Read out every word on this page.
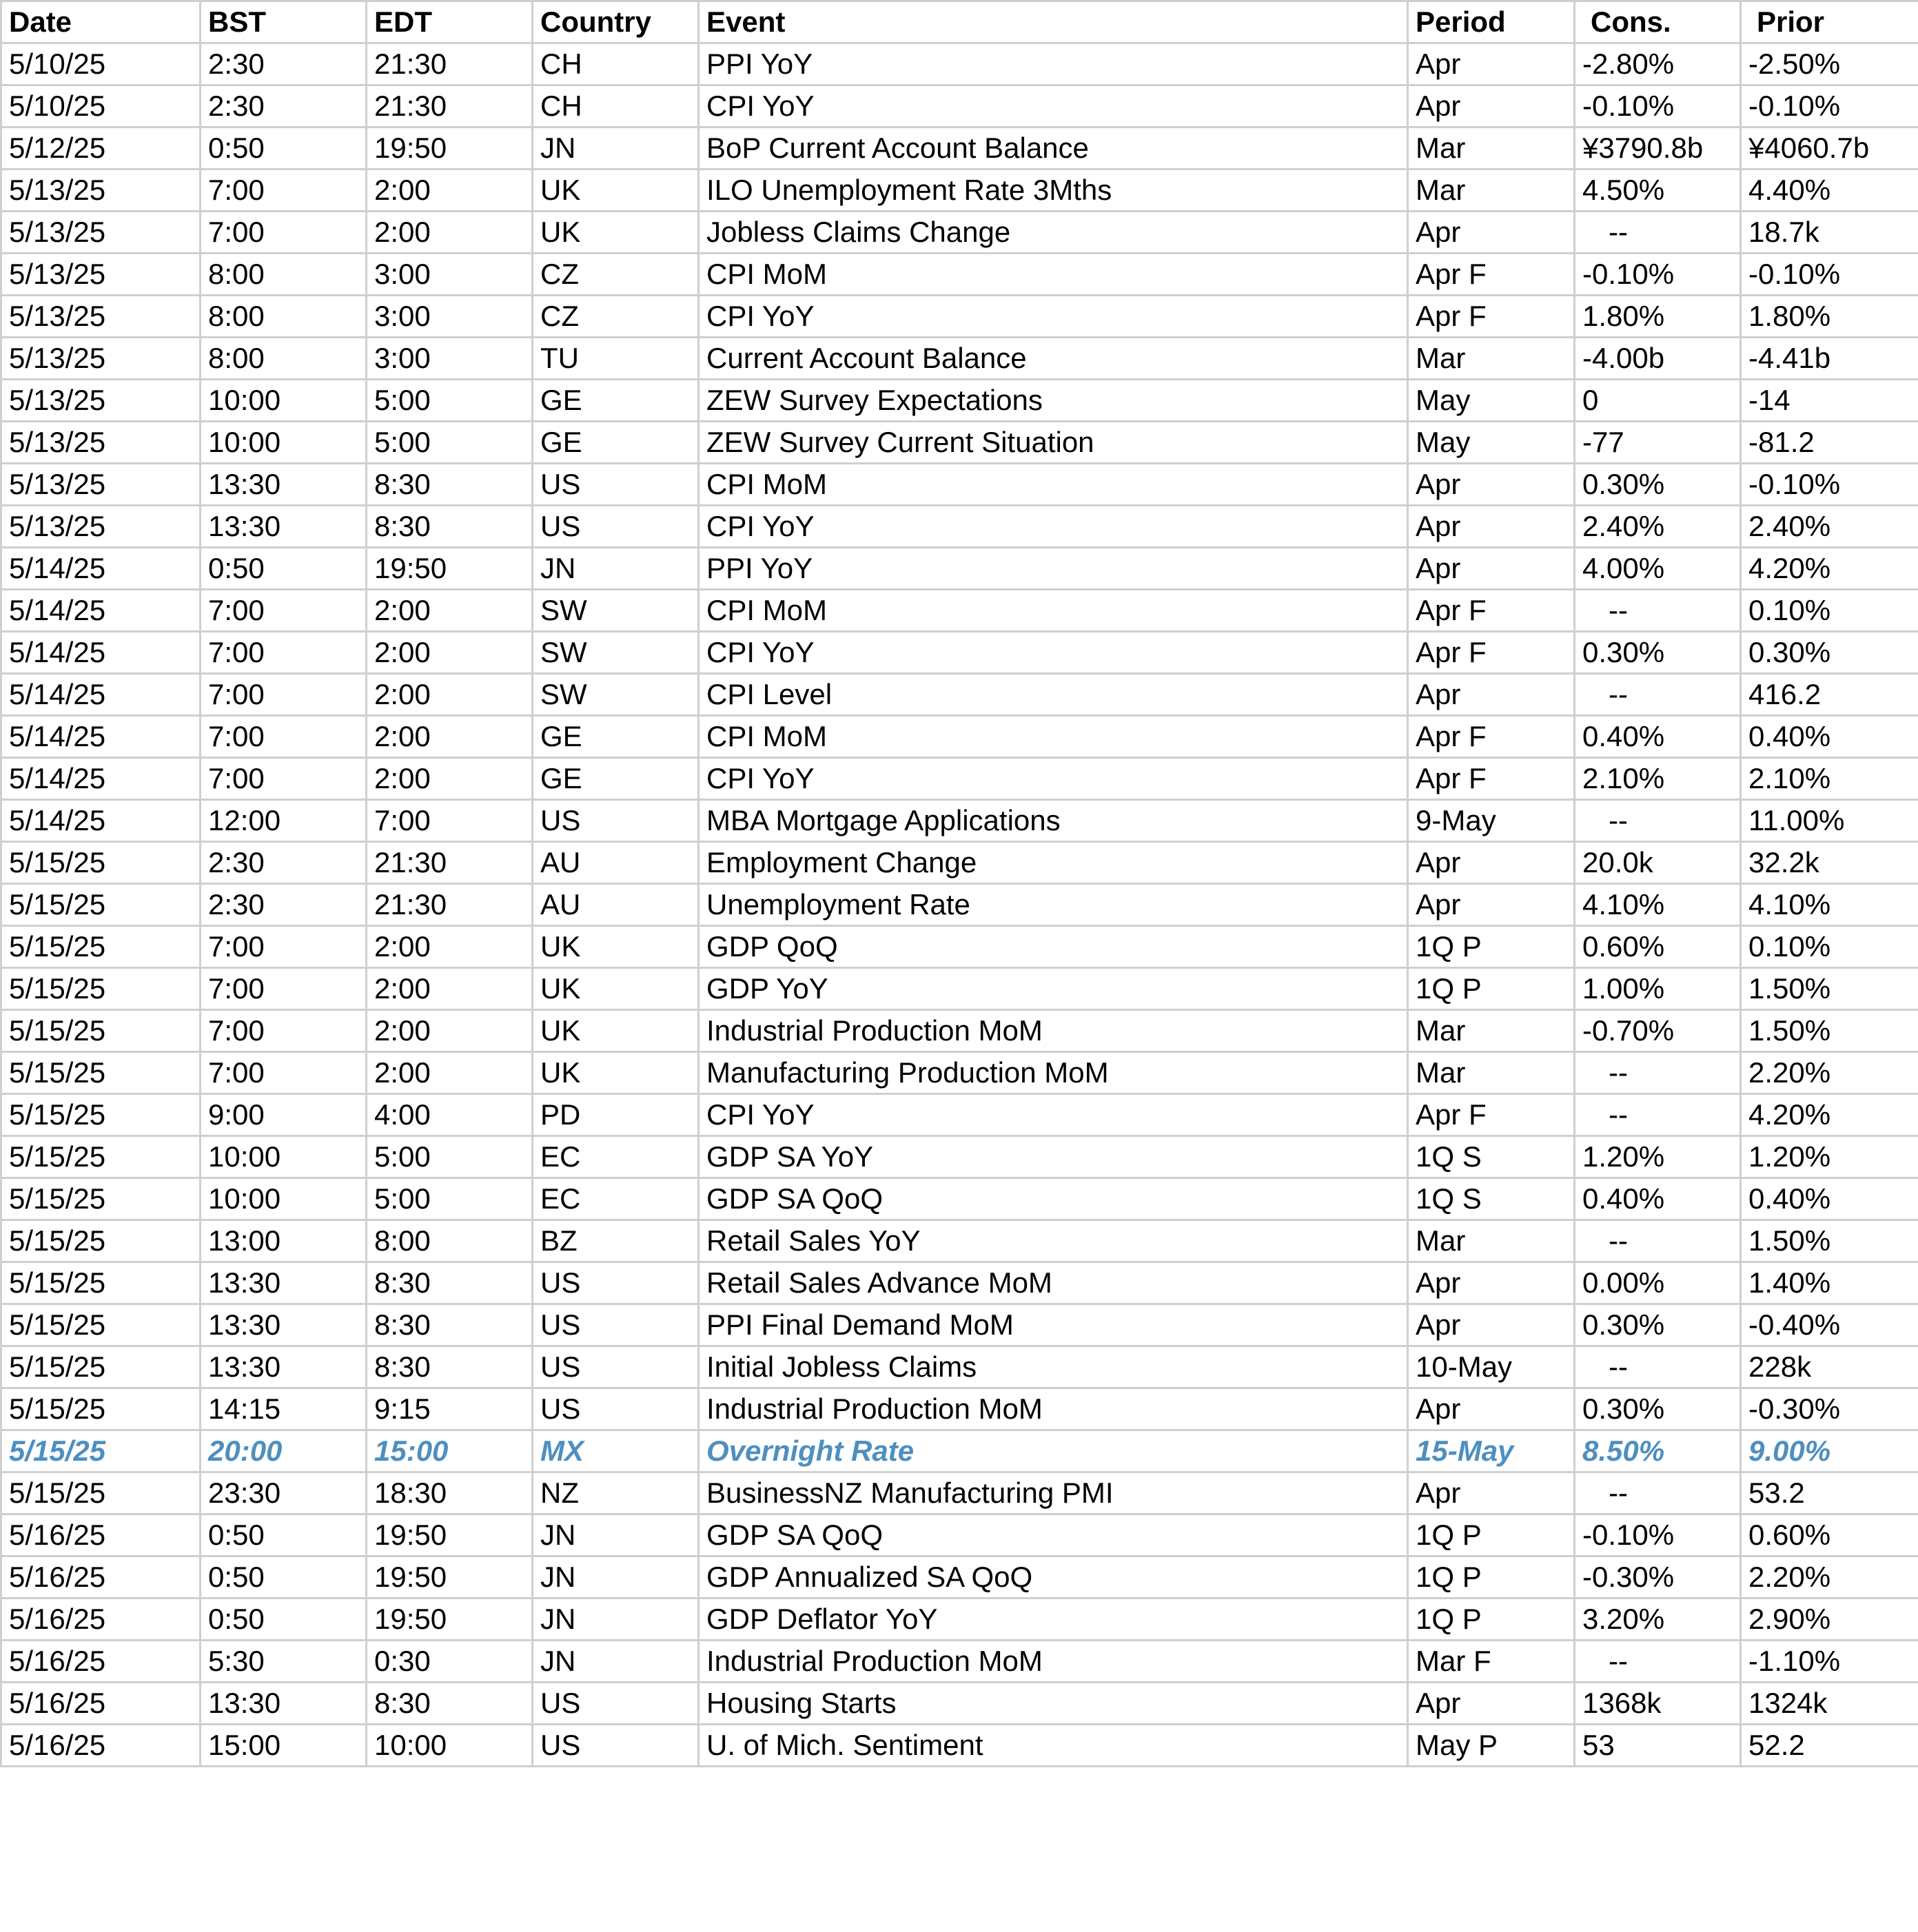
Date	BST	EDT	Country	Event	Period	Cons.	Prior
5/10/25	2:30	21:30	CH	PPI YoY	Apr	-2.80%	-2.50%
5/10/25	2:30	21:30	CH	CPI YoY	Apr	-0.10%	-0.10%
5/12/25	0:50	19:50	JN	BoP Current Account Balance	Mar	¥3790.8b	¥4060.7b
5/13/25	7:00	2:00	UK	ILO Unemployment Rate 3Mths	Mar	4.50%	4.40%
5/13/25	7:00	2:00	UK	Jobless Claims Change	Apr	--	18.7k
5/13/25	8:00	3:00	CZ	CPI MoM	Apr F	-0.10%	-0.10%
5/13/25	8:00	3:00	CZ	CPI YoY	Apr F	1.80%	1.80%
5/13/25	8:00	3:00	TU	Current Account Balance	Mar	-4.00b	-4.41b
5/13/25	10:00	5:00	GE	ZEW Survey Expectations	May	0	-14
5/13/25	10:00	5:00	GE	ZEW Survey Current Situation	May	-77	-81.2
5/13/25	13:30	8:30	US	CPI MoM	Apr	0.30%	-0.10%
5/13/25	13:30	8:30	US	CPI YoY	Apr	2.40%	2.40%
5/14/25	0:50	19:50	JN	PPI YoY	Apr	4.00%	4.20%
5/14/25	7:00	2:00	SW	CPI MoM	Apr F	--	0.10%
5/14/25	7:00	2:00	SW	CPI YoY	Apr F	0.30%	0.30%
5/14/25	7:00	2:00	SW	CPI Level	Apr	--	416.2
5/14/25	7:00	2:00	GE	CPI MoM	Apr F	0.40%	0.40%
5/14/25	7:00	2:00	GE	CPI YoY	Apr F	2.10%	2.10%
5/14/25	12:00	7:00	US	MBA Mortgage Applications	9-May	--	11.00%
5/15/25	2:30	21:30	AU	Employment Change	Apr	20.0k	32.2k
5/15/25	2:30	21:30	AU	Unemployment Rate	Apr	4.10%	4.10%
5/15/25	7:00	2:00	UK	GDP QoQ	1Q P	0.60%	0.10%
5/15/25	7:00	2:00	UK	GDP YoY	1Q P	1.00%	1.50%
5/15/25	7:00	2:00	UK	Industrial Production MoM	Mar	-0.70%	1.50%
5/15/25	7:00	2:00	UK	Manufacturing Production MoM	Mar	--	2.20%
5/15/25	9:00	4:00	PD	CPI YoY	Apr F	--	4.20%
5/15/25	10:00	5:00	EC	GDP SA YoY	1Q S	1.20%	1.20%
5/15/25	10:00	5:00	EC	GDP SA QoQ	1Q S	0.40%	0.40%
5/15/25	13:00	8:00	BZ	Retail Sales YoY	Mar	--	1.50%
5/15/25	13:30	8:30	US	Retail Sales Advance MoM	Apr	0.00%	1.40%
5/15/25	13:30	8:30	US	PPI Final Demand MoM	Apr	0.30%	-0.40%
5/15/25	13:30	8:30	US	Initial Jobless Claims	10-May	--	228k
5/15/25	14:15	9:15	US	Industrial Production MoM	Apr	0.30%	-0.30%
5/15/25	20:00	15:00	MX	Overnight Rate	15-May	8.50%	9.00%
5/15/25	23:30	18:30	NZ	BusinessNZ Manufacturing PMI	Apr	--	53.2
5/16/25	0:50	19:50	JN	GDP SA QoQ	1Q P	-0.10%	0.60%
5/16/25	0:50	19:50	JN	GDP Annualized SA QoQ	1Q P	-0.30%	2.20%
5/16/25	0:50	19:50	JN	GDP Deflator YoY	1Q P	3.20%	2.90%
5/16/25	5:30	0:30	JN	Industrial Production MoM	Mar F	--	-1.10%
5/16/25	13:30	8:30	US	Housing Starts	Apr	1368k	1324k
5/16/25	15:00	10:00	US	U. of Mich. Sentiment	May P	53	52.2
